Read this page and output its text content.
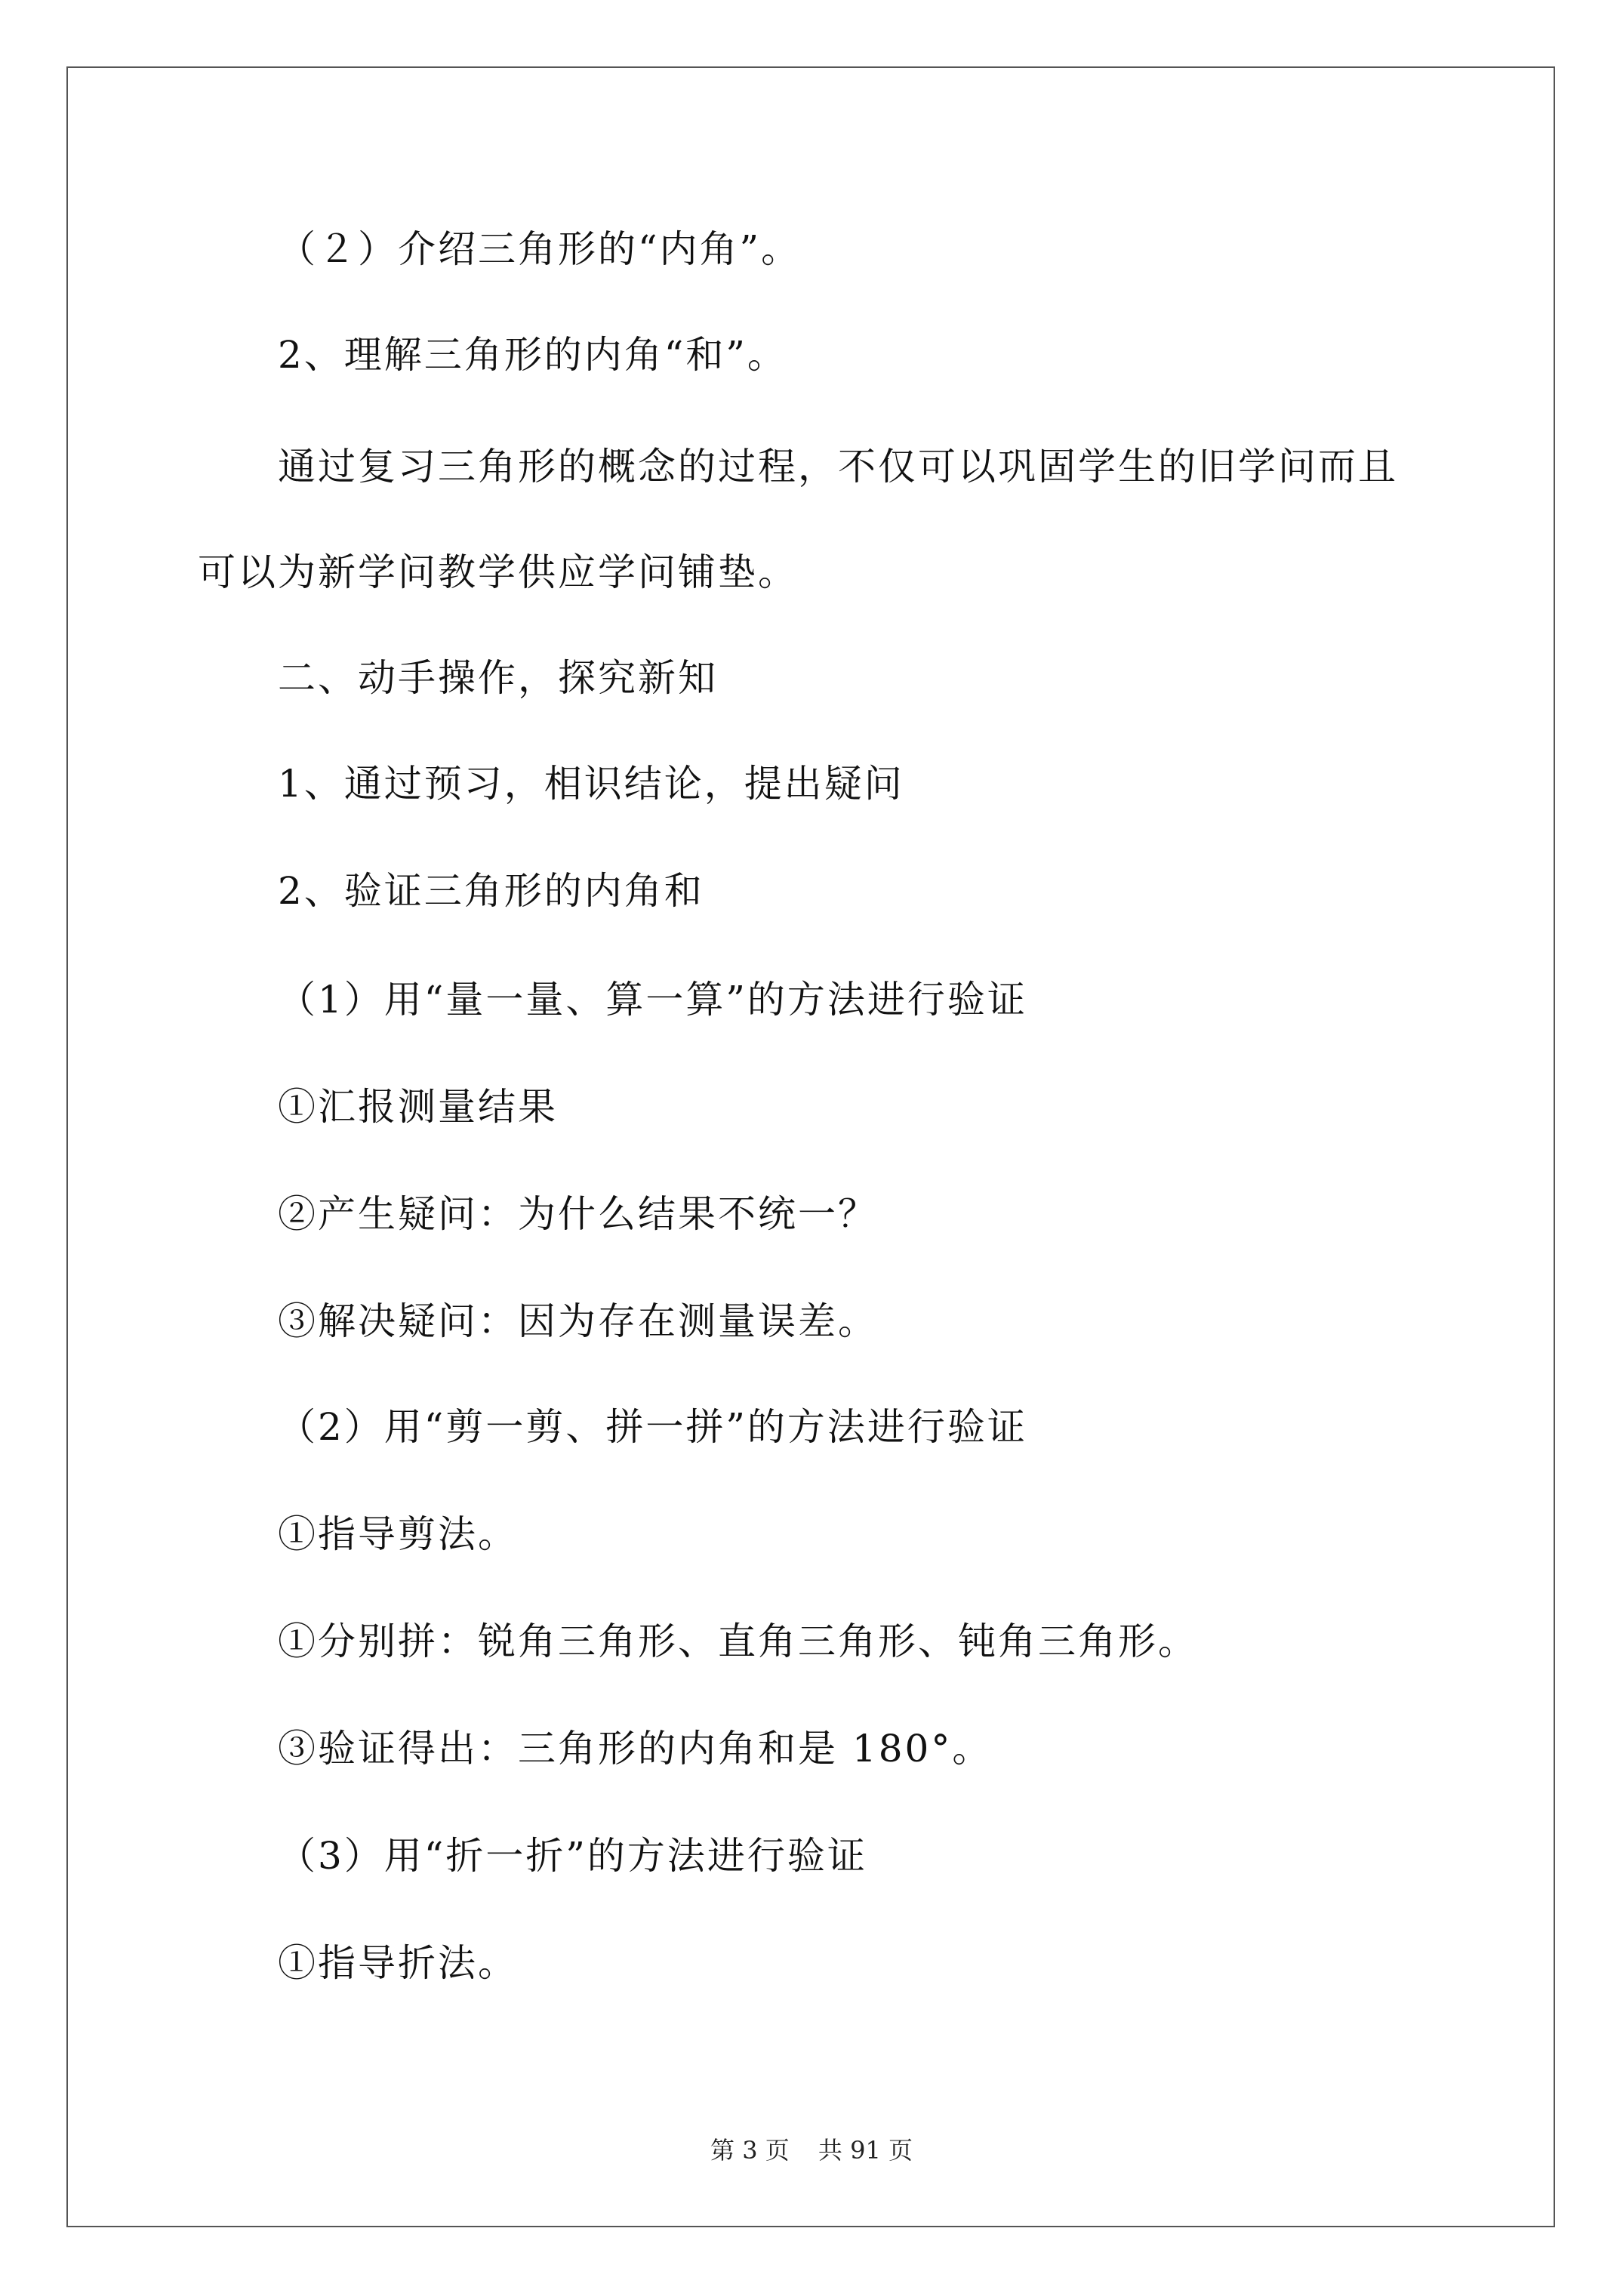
（２）介绍三角形的“内角”。
2、理解三角形的内角“和”。
通过复习三角形的概念的过程，不仅可以巩固学生的旧学问而且
可以为新学问教学供应学问铺垫。
二、动手操作，探究新知
1、通过预习，相识结论，提出疑问
2、验证三角形的内角和
（1）用“量一量、算一算”的方法进行验证
①汇报测量结果
②产生疑问：为什么结果不统一？
③解决疑问：因为存在测量误差。
（2）用“剪一剪、拼一拼”的方法进行验证
①指导剪法。
①分别拼：锐角三角形、直角三角形、钝角三角形。
③验证得出：三角形的内角和是 180°。
（3）用“折一折”的方法进行验证
①指导折法。
第 3 页 共 91 页
